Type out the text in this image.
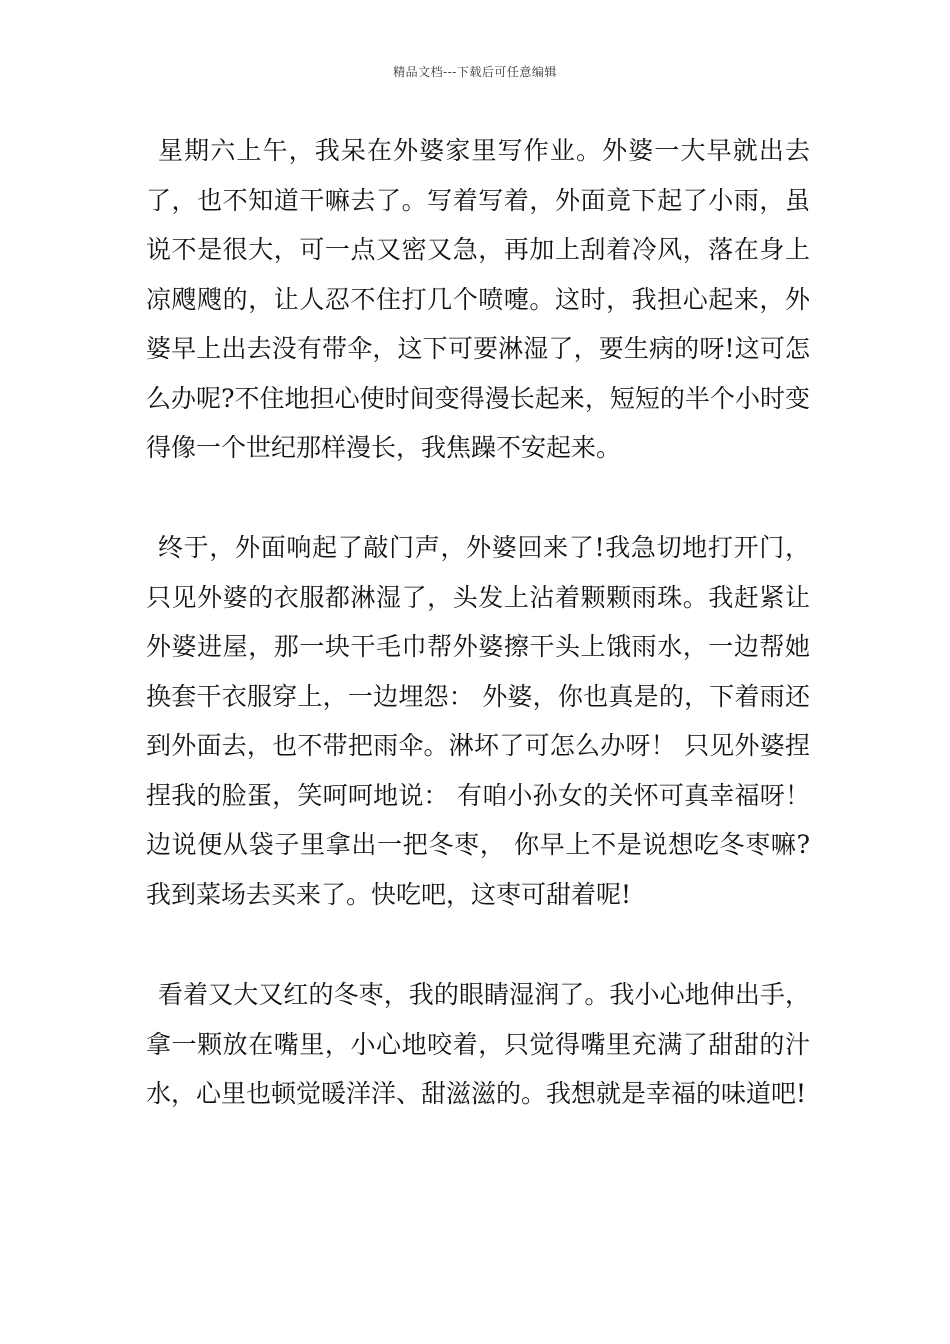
精品文档---下载后可任意编辑

星期六上午，我呆在外婆家里写作业。外婆一大早就出去了，也不知道干嘛去了。写着写着，外面竟下起了小雨，虽说不是很大，可一点又密又急，再加上刮着冷风，落在身上凉飕飕的，让人忍不住打几个喷嚏。这时，我担心起来，外婆早上出去没有带伞，这下可要淋湿了，要生病的呀!这可怎么办呢?不住地担心使时间变得漫长起来，短短的半个小时变得像一个世纪那样漫长，我焦躁不安起来。

终于，外面响起了敲门声，外婆回来了!我急切地打开门，只见外婆的衣服都淋湿了，头发上沾着颗颗雨珠。我赶紧让外婆进屋，那一块干毛巾帮外婆擦干头上饿雨水，一边帮她换套干衣服穿上，一边埋怨： 外婆，你也真是的，下着雨还到外面去，也不带把雨伞。淋坏了可怎么办呀！ 只见外婆捏捏我的脸蛋，笑呵呵地说： 有咱小孙女的关怀可真幸福呀！ 边说便从袋子里拿出一把冬枣， 你早上不是说想吃冬枣嘛?我到菜场去买来了。快吃吧，这枣可甜着呢!

看着又大又红的冬枣，我的眼睛湿润了。我小心地伸出手，拿一颗放在嘴里，小心地咬着，只觉得嘴里充满了甜甜的汁水，心里也顿觉暖洋洋、甜滋滋的。我想就是幸福的味道吧!
